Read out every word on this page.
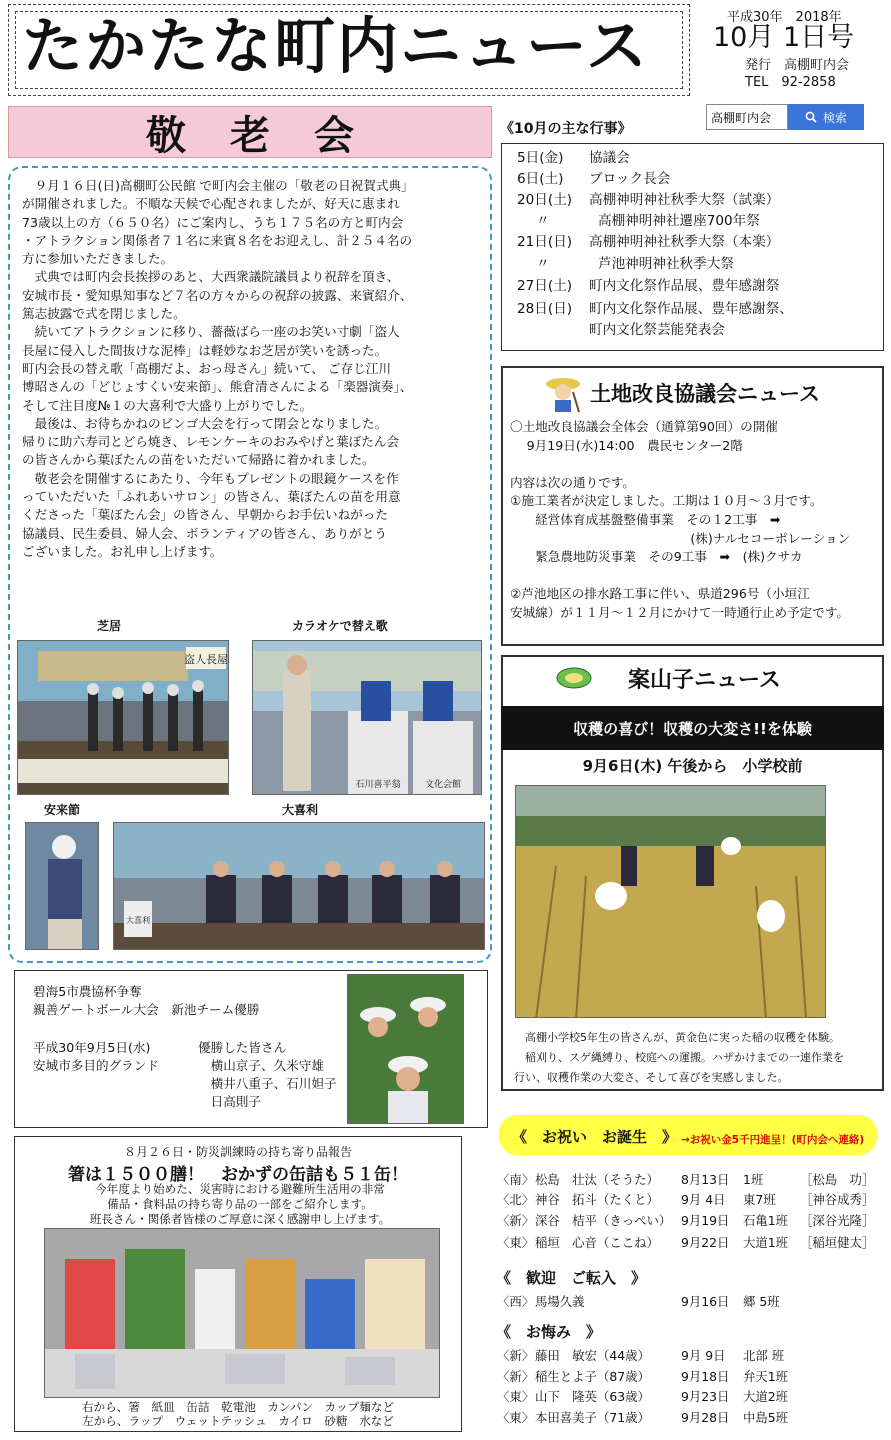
たかたな町内ニュース	平成30年　2018年
10月 1日号
発行　高棚町内会
TEL　92-2858
高棚町内会
検索
敬老会
　９月１６日(日)高棚町公民館 で町内会主催の「敬老の日祝賀式典」
が開催されました。不順な天候で心配されましたが、好天に恵まれ
73歳以上の方（６５０名）にご案内し、うち１７５名の方と町内会
・アトラクション関係者７１名に来賓８名をお迎えし、計２５４名の
方に参加いただきました。
　式典では町内会長挨拶のあと、大西衆議院議員より祝辞を頂き、
安城市長・愛知県知事など７名の方々からの祝辞の披露、来賓紹介、
篤志披露で式を閉じました。
　続いてアトラクションに移り、薔薇ばら一座のお笑い寸劇「盗人
長屋に侵入した間抜けな泥棒」は軽妙なお芝居が笑いを誘った。
町内会長の替え歌「高棚だよ、おっ母さん」続いて、 ご存じ江川
博昭さんの「どじょすくい安来節」、熊倉清さんによる「楽器演奏」、
そして注目度№１の大喜利で大盛り上がりでした。
　最後は、お待ちかねのビンゴ大会を行って閉会となりました。
帰りに助六寿司とどら焼き、レモンケーキのおみやげと葉ぼたん会
の皆さんから葉ぼたんの苗をいただいて帰路に着かれました。
　敬老会を開催するにあたり、今年もプレゼントの眼鏡ケースを作
っていただいた「ふれあいサロン」の皆さん、葉ぼたんの苗を用意
くださった「葉ぼたん会」の皆さん、早朝からお手伝いねがった
協議員、民生委員、婦人会、ボランティアの皆さん、ありがとう
ございました。お礼申し上げます。
芝居	カラオケで替え歌
盗人長屋
石川喜平翁	文化会館
安来節	大喜利
大喜利
《10月の主な行事》
5日(金) 協議会
6日(土) ブロック長会
20日(土) 高棚神明神社秋季大祭（試楽）
〃	高棚神明神社遷座700年祭
21日(日) 高棚神明神社秋季大祭（本楽）
〃	芦池神明神社秋季大祭
27日(土) 町内文化祭作品展、豊年感謝祭
28日(日) 町内文化祭作品展、豊年感謝祭、
町内文化祭芸能発表会
土地改良協議会ニュース
〇土地改良協議会全体会（通算第90回）の開催
　 9月19日(水)14:00　農民センター2階

内容は次の通りです。
①施工業者が決定しました。工期は１０月～３月です。
　　経営体育成基盤整備事業　その１2工事　➡
　　　　　　　　　　　　　　 (株)ナルセコーポレーション
　　緊急農地防災事業　その9工事　➡　(株)クサカ

②芦池地区の排水路工事に伴い、県道296号（小垣江
安城線）が１１月～１２月にかけて一時通行止め予定です。
案山子ニュース
収穫の喜び！収穫の大変さ!!を体験
9月6日(木) 午後から　小学校前
　高棚小学校5年生の皆さんが、黄金色に実った稲の収穫を体験。
　稲刈り、スゲ縄縛り、校庭への運搬。ハザかけまでの一連作業を
行い、収穫作業の大変さ、そして喜びを実感しました。
碧海5市農協杯争奪
親善ゲートボール大会　新池チーム優勝
平成30年9月5日(水)
安城市多目的グランド
優勝した皆さん
　横山京子、久米守雄
　横井八重子、石川妲子
　日高則子
８月２６日・防災訓練時の持ち寄り品報告
箸は１５００膳！　おかずの缶詰も５１缶！
今年度より始めた、災害時における避難所生活用の非常
備品・食料品の持ち寄り品の一部をご紹介します。
班長さん・関係者皆様のご厚意に深く感謝申し上げます。
右から、箸　紙皿　缶詰　乾電池　カンパン　カップ麺など
左から、ラップ　ウェットテッシュ　カイロ　砂糖　水など
《　お祝い　お誕生　》 →お祝い金5千円進呈！(町内会へ連絡)
《　歓迎　ご転入　》
《　お悔み　》
〈南〉 松島　壮汰（そうた） 8月13日 1班	［松島　功］
〈北〉 神谷　拓斗（たくと） 9月 4日 東7班 ［神谷成秀］
〈新〉 深谷　桔平（きっぺい） 9月19日 石亀1班 ［深谷光隆］
〈東〉 稲垣　心音（ここね） 9月22日 大道1班 ［稲垣健太］
〈西〉 馬場久義	9月16日 郷 5班
〈新〉 藤田　敏宏（44歳）	9月 9日 北部 班
〈新〉 稲生とよ子（87歳）	9月18日 弁天1班
〈東〉 山下　隆英（63歳）	9月23日 大道2班
〈東〉 本田喜美子（71歳）	9月28日 中島5班
